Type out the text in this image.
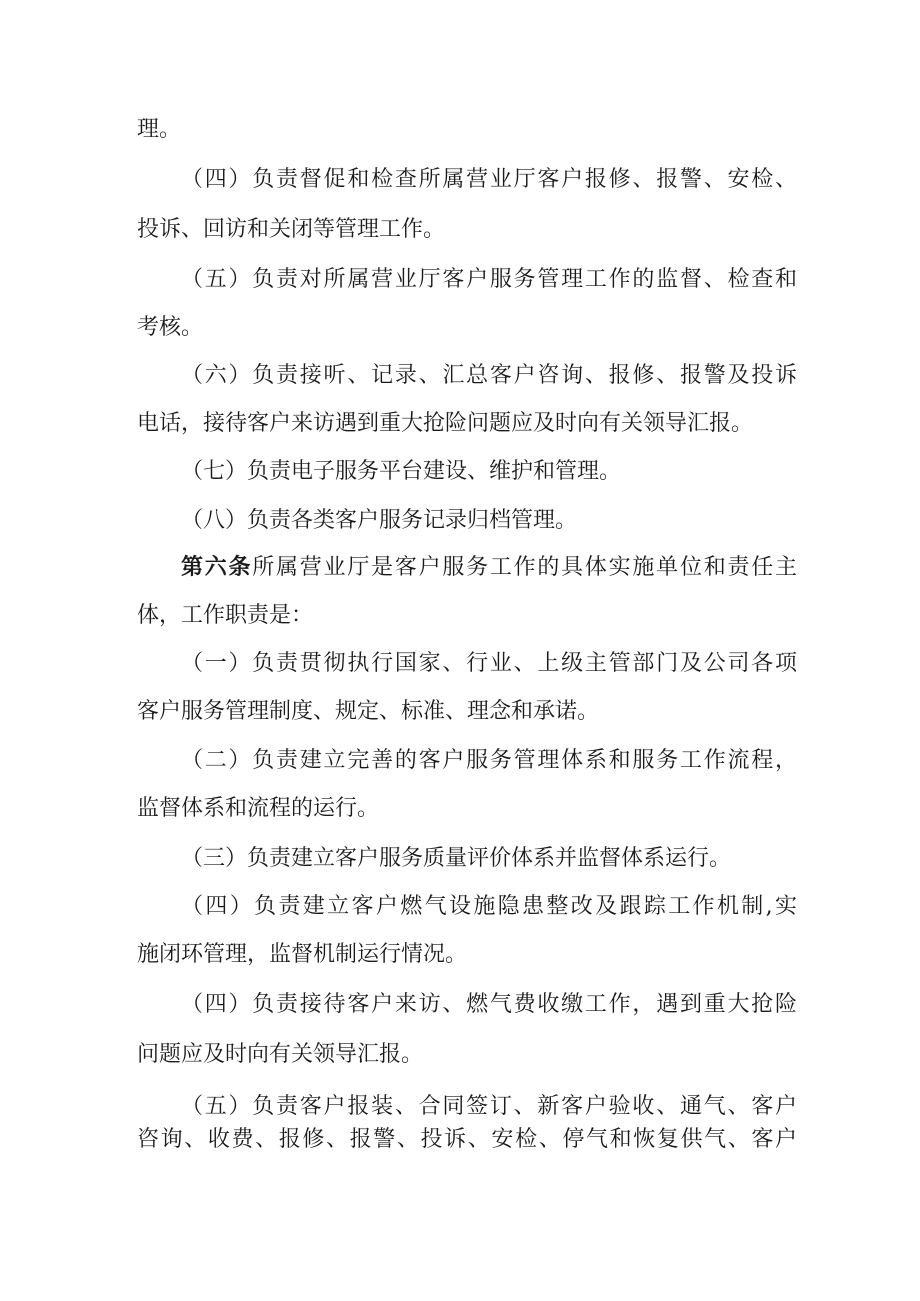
理。
（四）负责督促和检查所属营业厅客户报修、报警、安检、
投诉、回访和关闭等管理工作。
（五）负责对所属营业厅客户服务管理工作的监督、检查和
考核。
（六）负责接听、记录、汇总客户咨询、报修、报警及投诉
电话，接待客户来访遇到重大抢险问题应及时向有关领导汇报。
（七）负责电子服务平台建设、维护和管理。
（八）负责各类客户服务记录归档管理。
第六条所属营业厅是客户服务工作的具体实施单位和责任主
体，工作职责是：
（一）负责贯彻执行国家、行业、上级主管部门及公司各项
客户服务管理制度、规定、标准、理念和承诺。
（二）负责建立完善的客户服务管理体系和服务工作流程，
监督体系和流程的运行。
（三）负责建立客户服务质量评价体系并监督体系运行。
（四）负责建立客户燃气设施隐患整改及跟踪工作机制,实
施闭环管理，监督机制运行情况。
（四）负责接待客户来访、燃气费收缴工作，遇到重大抢险
问题应及时向有关领导汇报。
（五）负责客户报装、合同签订、新客户验收、通气、客户
咨询、收费、报修、报警、投诉、安检、停气和恢复供气、客户
